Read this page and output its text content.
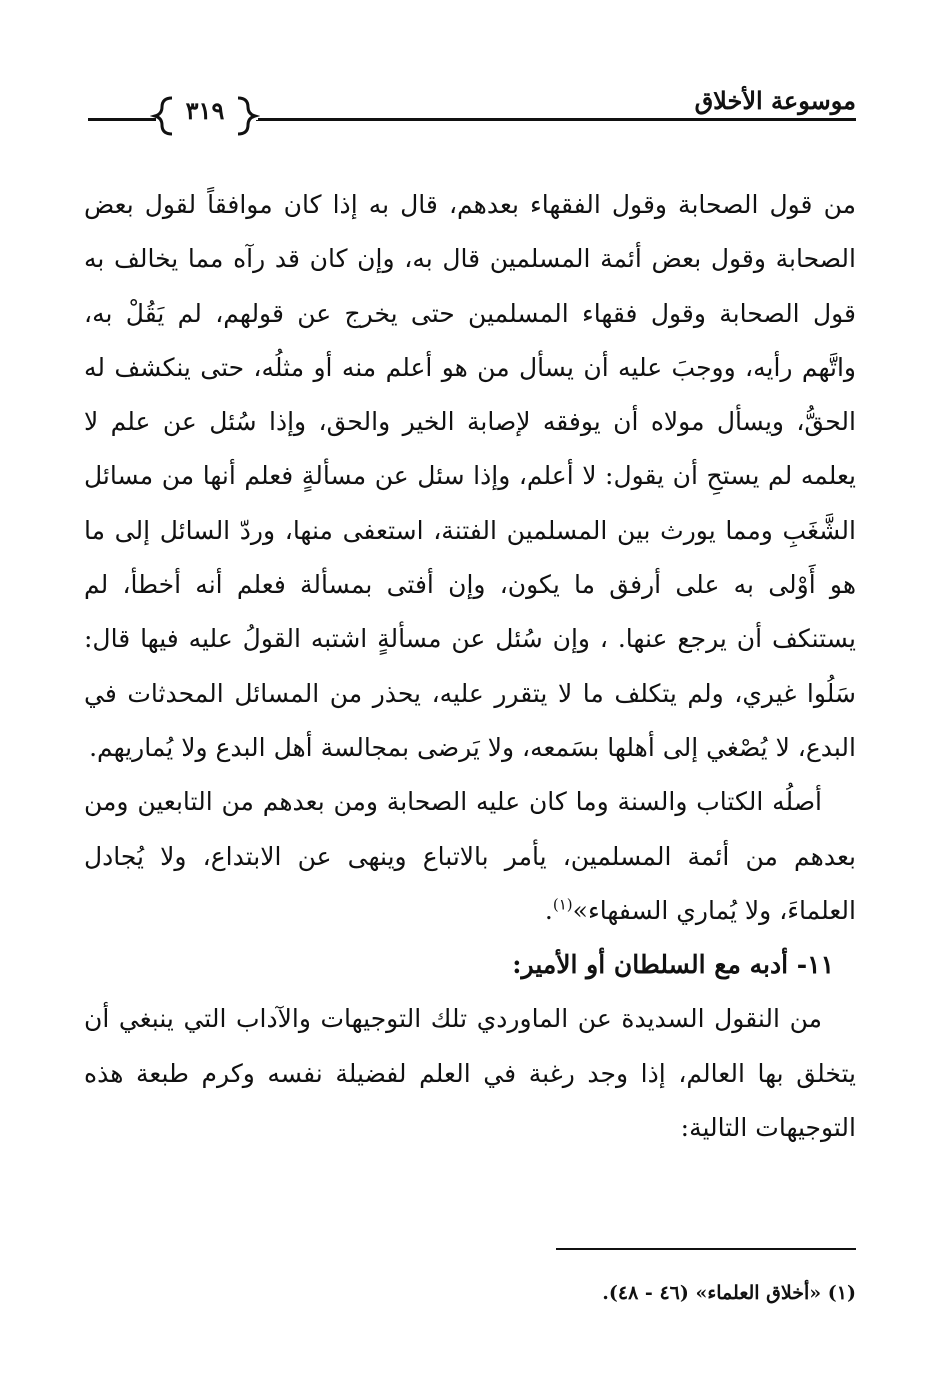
موسوعة الأخلاق
٣١٩

من قول الصحابة وقول الفقهاء بعدهم، قال به إذا كان موافقاً لقول بعض الصحابة وقول بعض أئمة المسلمين قال به، وإن كان قد رآه مما يخالف به قول الصحابة وقول فقهاء المسلمين حتى يخرج عن قولهم، لم يَقُلْ به، واتَّهم رأيه، ووجبَ عليه أن يسأل من هو أعلم منه أو مثلُه، حتى ينكشف له الحقُّ، ويسأل مولاه أن يوفقه لإصابة الخير والحق، وإذا سُئل عن علم لا يعلمه لم يستحِ أن يقول: لا أعلم، وإذا سئل عن مسألةٍ فعلم أنها من مسائل الشَّغَبِ ومما يورث بين المسلمين الفتنة، استعفى منها، وردّ السائل إلى ما هو أَوْلى به على أرفق ما يكون، وإن أفتى بمسألة فعلم أنه أخطأ، لم يستنكف أن يرجع عنها. ، وإن سُئل عن مسألةٍ اشتبه القولُ عليه فيها قال: سَلُوا غيري، ولم يتكلف ما لا يتقرر عليه، يحذر من المسائل المحدثات في البدع، لا يُصْغي إلى أهلها بسَمعه، ولا يَرضى بمجالسة أهل البدع ولا يُماريهم.

أصلُه الكتاب والسنة وما كان عليه الصحابة ومن بعدهم من التابعين ومن بعدهم من أئمة المسلمين، يأمر بالاتباع وينهى عن الابتداع، ولا يُجادل العلماءَ، ولا يُماري السفهاء»$^{(١)}$.

١١- أدبه مع السلطان أو الأمير:

من النقول السديدة عن الماوردي تلك التوجيهات والآداب التي ينبغي أن يتخلق بها العالم، إذا وجد رغبة في العلم لفضيلة نفسه وكرم طبعة هذه التوجيهات التالية:

(١) «أخلاق العلماء» (٤٦ - ٤٨).
